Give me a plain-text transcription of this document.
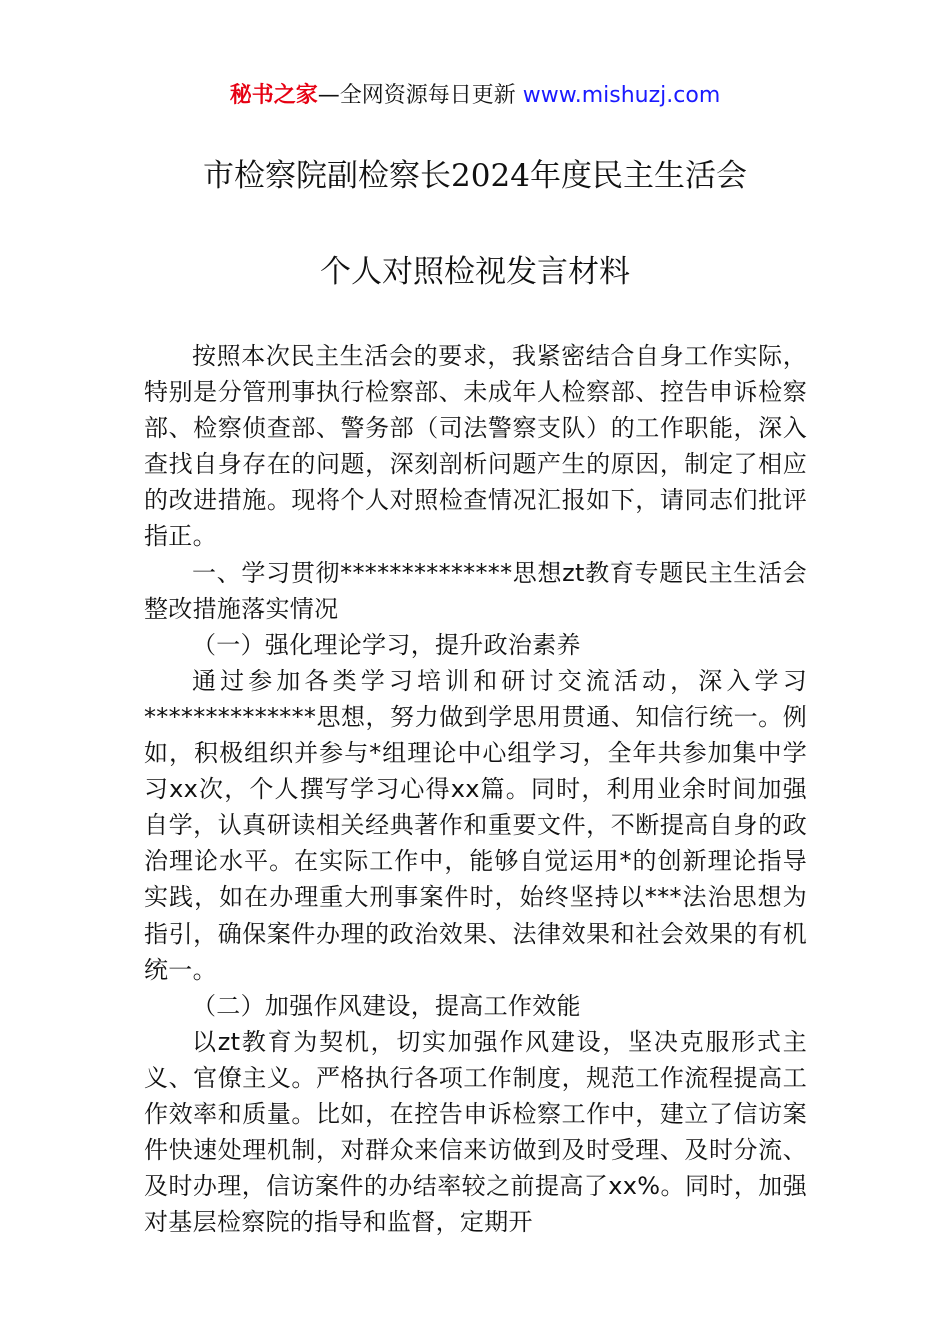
秘书之家—全网资源每日更新 www.mishuzj.com
市检察院副检察长2024年度民主生活会
个人对照检视发言材料

按照本次民主生活会的要求，我紧密结合自身工作实际，特别是分管刑事执行检察部、未成年人检察部、控告申诉检察部、检察侦查部、警务部（司法警察支队）的工作职能，深入查找自身存在的问题，深刻剖析问题产生的原因，制定了相应的改进措施。现将个人对照检查情况汇报如下，请同志们批评指正。

一、学习贯彻**************思想zt教育专题民主生活会整改措施落实情况

（一）强化理论学习，提升政治素养

通过参加各类学习培训和研讨交流活动，深入学习**************思想，努力做到学思用贯通、知信行统一。例如，积极组织并参与*组理论中心组学习，全年共参加集中学习xx次，个人撰写学习心得xx篇。同时，利用业余时间加强自学，认真研读相关经典著作和重要文件，不断提高自身的政治理论水平。在实际工作中，能够自觉运用*的创新理论指导实践，如在办理重大刑事案件时，始终坚持以***法治思想为指引，确保案件办理的政治效果、法律效果和社会效果的有机统一。

（二）加强作风建设，提高工作效能

以zt教育为契机，切实加强作风建设，坚决克服形式主义、官僚主义。严格执行各项工作制度，规范工作流程提高工作效率和质量。比如，在控告申诉检察工作中，建立了信访案件快速处理机制，对群众来信来访做到及时受理、及时分流、及时办理，信访案件的办结率较之前提高了xx%。同时，加强对基层检察院的指导和监督，定期开
